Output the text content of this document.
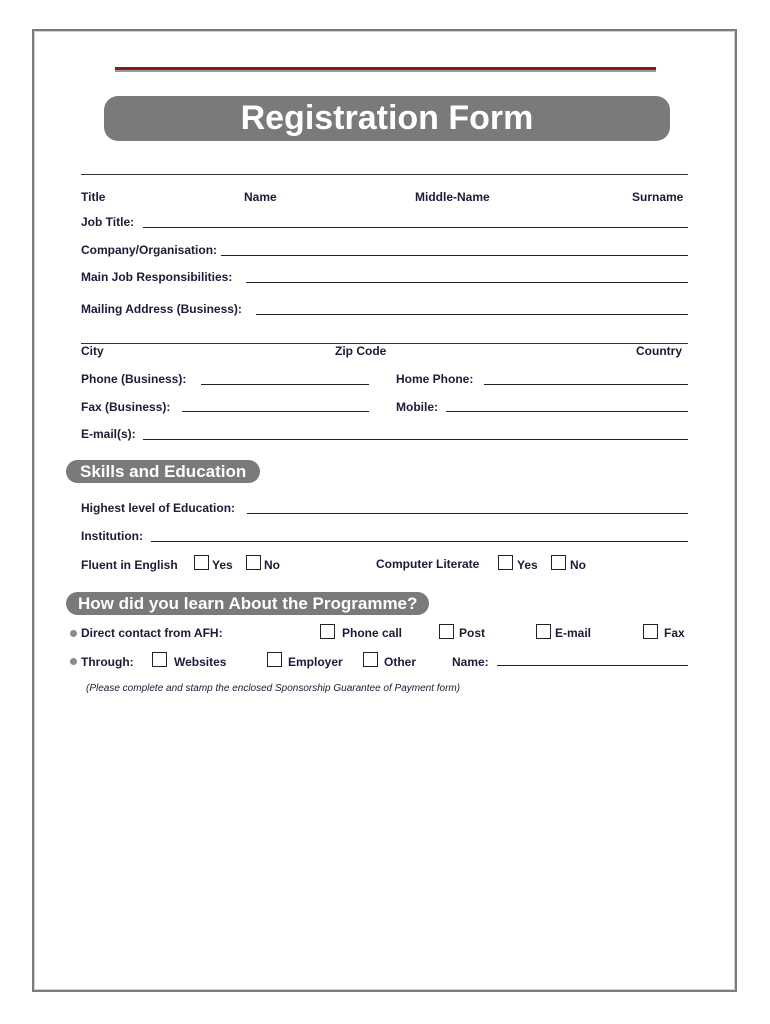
Registration Form
Title	Name	Middle-Name	Surname
Job Title:
Company/Organisation:
Main Job Responsibilities:
Mailing Address (Business):
City	Zip Code	Country
Phone (Business):	Home Phone:
Fax (Business):	Mobile:
E-mail(s):
Skills and Education
Highest level of Education:
Institution:
Fluent in English	Yes	No	Computer Literate	Yes	No
How did you learn About the Programme?
Direct contact from AFH:	Phone call	Post	E-mail	Fax
Through:	Websites	Employer	Other	Name:
(Please complete and stamp the enclosed Sponsorship Guarantee of Payment form)
